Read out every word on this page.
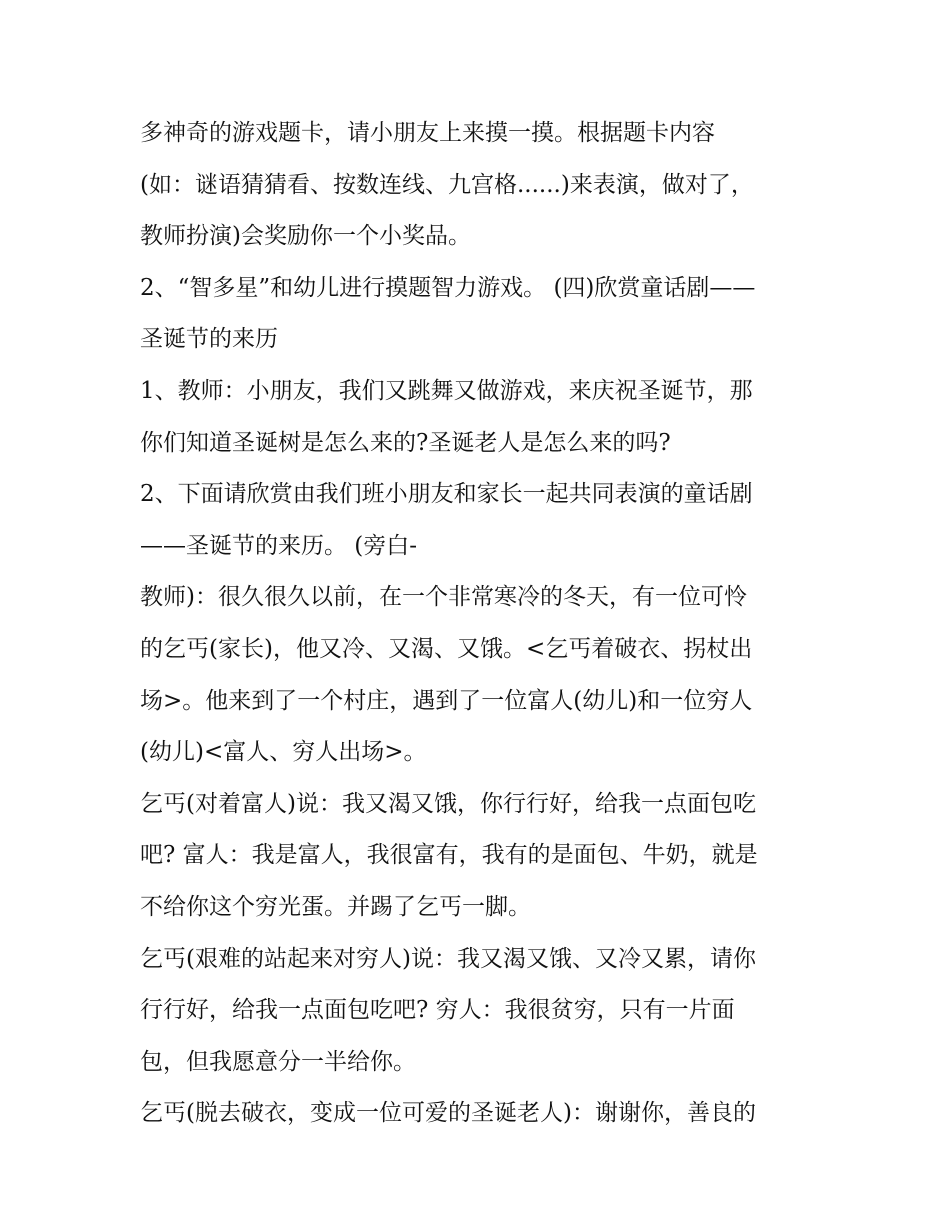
多神奇的游戏题卡，请小朋友上来摸一摸。根据题卡内容
(如：谜语猜猜看、按数连线、九宫格......)来表演，做对了，
教师扮演)会奖励你一个小奖品。
2、“智多星”和幼儿进行摸题智力游戏。 (四)欣赏童话剧——
圣诞节的来历
1、教师：小朋友，我们又跳舞又做游戏，来庆祝圣诞节，那
你们知道圣诞树是怎么来的?圣诞老人是怎么来的吗?
2、下面请欣赏由我们班小朋友和家长一起共同表演的童话剧
——圣诞节的来历。 (旁白-
教师)：很久很久以前，在一个非常寒冷的冬天，有一位可怜
的乞丐(家长)，他又冷、又渴、又饿。<乞丐着破衣、拐杖出
场>。他来到了一个村庄，遇到了一位富人(幼儿)和一位穷人
(幼儿)<富人、穷人出场>。
乞丐(对着富人)说：我又渴又饿，你行行好，给我一点面包吃
吧? 富人：我是富人，我很富有，我有的是面包、牛奶，就是
不给你这个穷光蛋。并踢了乞丐一脚。
乞丐(艰难的站起来对穷人)说：我又渴又饿、又冷又累，请你
行行好，给我一点面包吃吧? 穷人：我很贫穷，只有一片面
包，但我愿意分一半给你。
乞丐(脱去破衣，变成一位可爱的圣诞老人)：谢谢你，善良的
